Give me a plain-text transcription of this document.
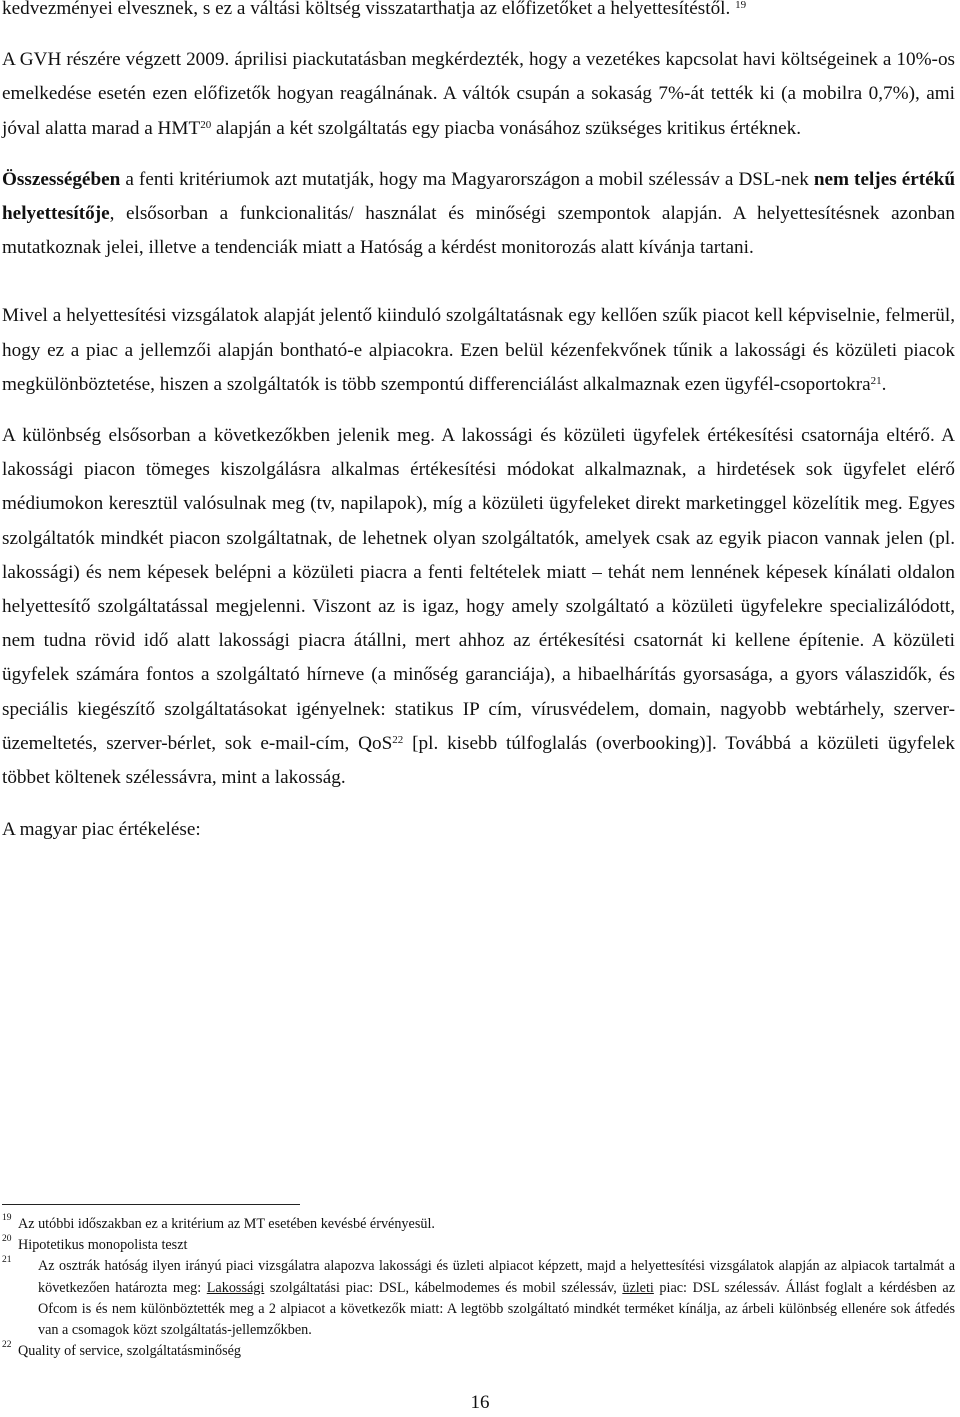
kedvezményei elvesznek, s ez a váltási költség visszatarthatja az előfizetőket a helyettesítéstől. $^{19}$

A GVH részére végzett 2009. áprilisi piackutatásban megkérdezték, hogy a vezetékes kapcsolat havi költségeinek a 10%-os emelkedése esetén ezen előfizetők hogyan reagálnának. A váltók csupán a sokaság 7%-át tették ki (a mobilra 0,7%), ami jóval alatta marad a HMT$^{20}$ alapján a két szolgáltatás egy piacba vonásához szükséges kritikus értéknek.

Összességében a fenti kritériumok azt mutatják, hogy ma Magyarországon a mobil szélessáv a DSL-nek nem teljes értékű helyettesítője, elsősorban a funkcionalitás/ használat és minőségi szempontok alapján. A helyettesítésnek azonban mutatkoznak jelei, illetve a tendenciák miatt a Hatóság a kérdést monitorozás alatt kívánja tartani.

Mivel a helyettesítési vizsgálatok alapját jelentő kiinduló szolgáltatásnak egy kellően szűk piacot kell képviselnie, felmerül, hogy ez a piac a jellemzői alapján bontható-e alpiacokra. Ezen belül kézenfekvőnek tűnik a lakossági és közületi piacok megkülönböztetése, hiszen a szolgáltatók is több szempontú differenciálást alkalmaznak ezen ügyfél-csoportokra$^{21}$.

A különbség elsősorban a következőkben jelenik meg. A lakossági és közületi ügyfelek értékesítési csatornája eltérő. A lakossági piacon tömeges kiszolgálásra alkalmas értékesítési módokat alkalmaznak, a hirdetések sok ügyfelet elérő médiumokon keresztül valósulnak meg (tv, napilapok), míg a közületi ügyfeleket direkt marketinggel közelítik meg. Egyes szolgáltatók mindkét piacon szolgáltatnak, de lehetnek olyan szolgáltatók, amelyek csak az egyik piacon vannak jelen (pl. lakossági) és nem képesek belépni a közületi piacra a fenti feltételek miatt – tehát nem lennének képesek kínálati oldalon helyettesítő szolgáltatással megjelenni. Viszont az is igaz, hogy amely szolgáltató a közületi ügyfelekre specializálódott, nem tudna rövid idő alatt lakossági piacra átállni, mert ahhoz az értékesítési csatornát ki kellene építenie. A közületi ügyfelek számára fontos a szolgáltató hírneve (a minőség garanciája), a hibaelhárítás gyorsasága, a gyors válaszidők, és speciális kiegészítő szolgáltatásokat igényelnek: statikus IP cím, vírusvédelem, domain, nagyobb webtárhely, szerver-üzemeltetés, szerver-bérlet, sok e-mail-cím, QoS$^{22}$ [pl. kisebb túlfoglalás (overbooking)]. Továbbá a közületi ügyfelek többet költenek szélessávra, mint a lakosság.

A magyar piac értékelése:

19 Az utóbbi időszakban ez a kritérium az MT esetében kevésbé érvényesül.
20 Hipotetikus monopolista teszt
21 Az osztrák hatóság ilyen irányú piaci vizsgálatra alapozva lakossági és üzleti alpiacot képzett, majd a helyettesítési vizsgálatok alapján az alpiacok tartalmát a következően határozta meg: Lakossági szolgáltatási piac: DSL, kábelmodemes és mobil szélessáv, üzleti piac: DSL szélessáv. Állást foglalt a kérdésben az Ofcom is és nem különböztették meg a 2 alpiacot a következők miatt: A legtöbb szolgáltató mindkét terméket kínálja, az árbeli különbség ellenére sok átfedés van a csomagok közt szolgáltatás-jellemzőkben.
22 Quality of service, szolgáltatásminőség
16
